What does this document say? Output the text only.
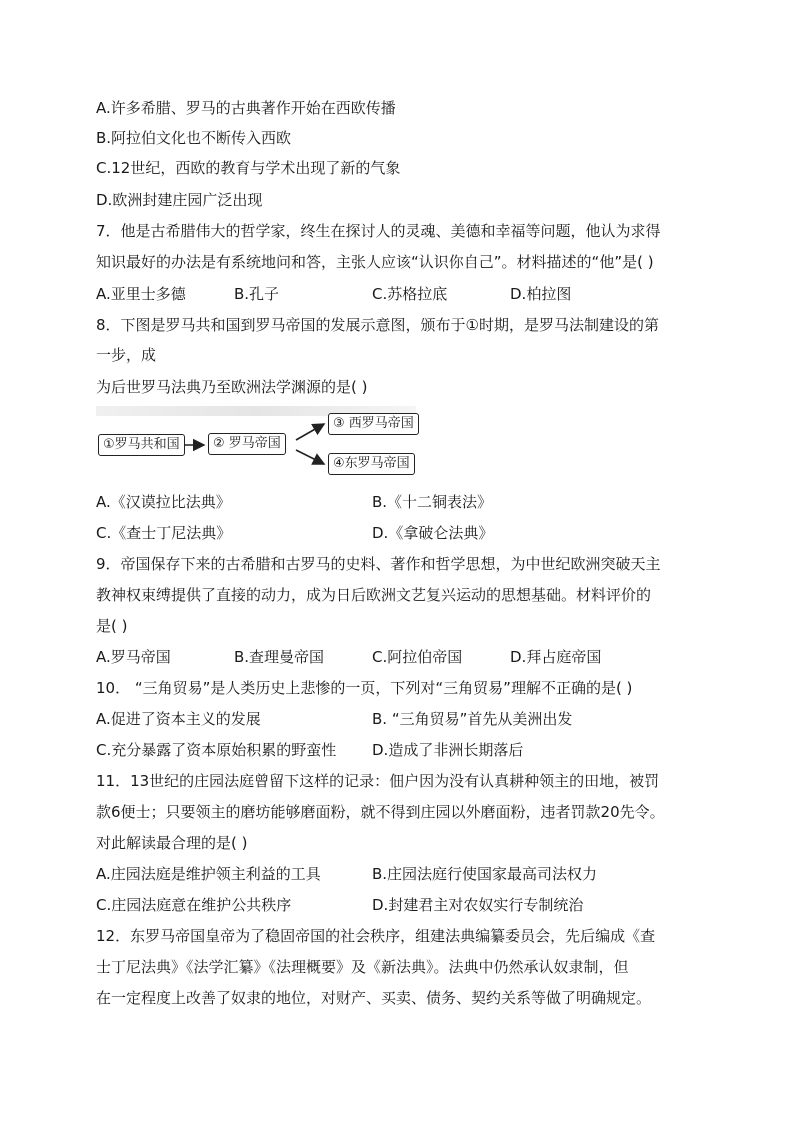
A.许多希腊、罗马的古典著作开始在西欧传播
B.阿拉伯文化也不断传入西欧
C.12世纪，西欧的教育与学术出现了新的气象
D.欧洲封建庄园广泛出现
7．他是古希腊伟大的哲学家，终生在探讨人的灵魂、美德和幸福等问题，他认为求得
知识最好的办法是有系统地问和答，主张人应该“认识你自己”。材料描述的“他”是( )
A.亚里士多德	B.孔子	C.苏格拉底	D.柏拉图
8．下图是罗马共和国到罗马帝国的发展示意图，颁布于①时期，是罗马法制建设的第
一步，成
为后世罗马法典乃至欧洲法学渊源的是( )
①罗马共和国	② 罗马帝国
③ 西罗马帝国
④东罗马帝国
A.《汉谟拉比法典》	B.《十二铜表法》
C.《查士丁尼法典》	D.《拿破仑法典》
9．帝国保存下来的古希腊和古罗马的史料、著作和哲学思想，为中世纪欧洲突破天主
教神权束缚提供了直接的动力，成为日后欧洲文艺复兴运动的思想基础。材料评价的
是( )
A.罗马帝国	B.查理曼帝国	C.阿拉伯帝国	D.拜占庭帝国
10． “三角贸易”是人类历史上悲惨的一页，下列对“三角贸易”理解不正确的是( )
A.促进了资本主义的发展	B. “三角贸易”首先从美洲出发
C.充分暴露了资本原始积累的野蛮性 D.造成了非洲长期落后
11．13世纪的庄园法庭曾留下这样的记录：佃户因为没有认真耕种领主的田地，被罚
款6便士；只要领主的磨坊能够磨面粉，就不得到庄园以外磨面粉，违者罚款20先令。
对此解读最合理的是( )
A.庄园法庭是维护领主利益的工具	B.庄园法庭行使国家最高司法权力
C.庄园法庭意在维护公共秩序	D.封建君主对农奴实行专制统治
12．东罗马帝国皇帝为了稳固帝国的社会秩序，组建法典编纂委员会，先后编成《查
士丁尼法典》《法学汇纂》《法理概要》及《新法典》。法典中仍然承认奴隶制，但
在一定程度上改善了奴隶的地位，对财产、买卖、债务、契约关系等做了明确规定。
